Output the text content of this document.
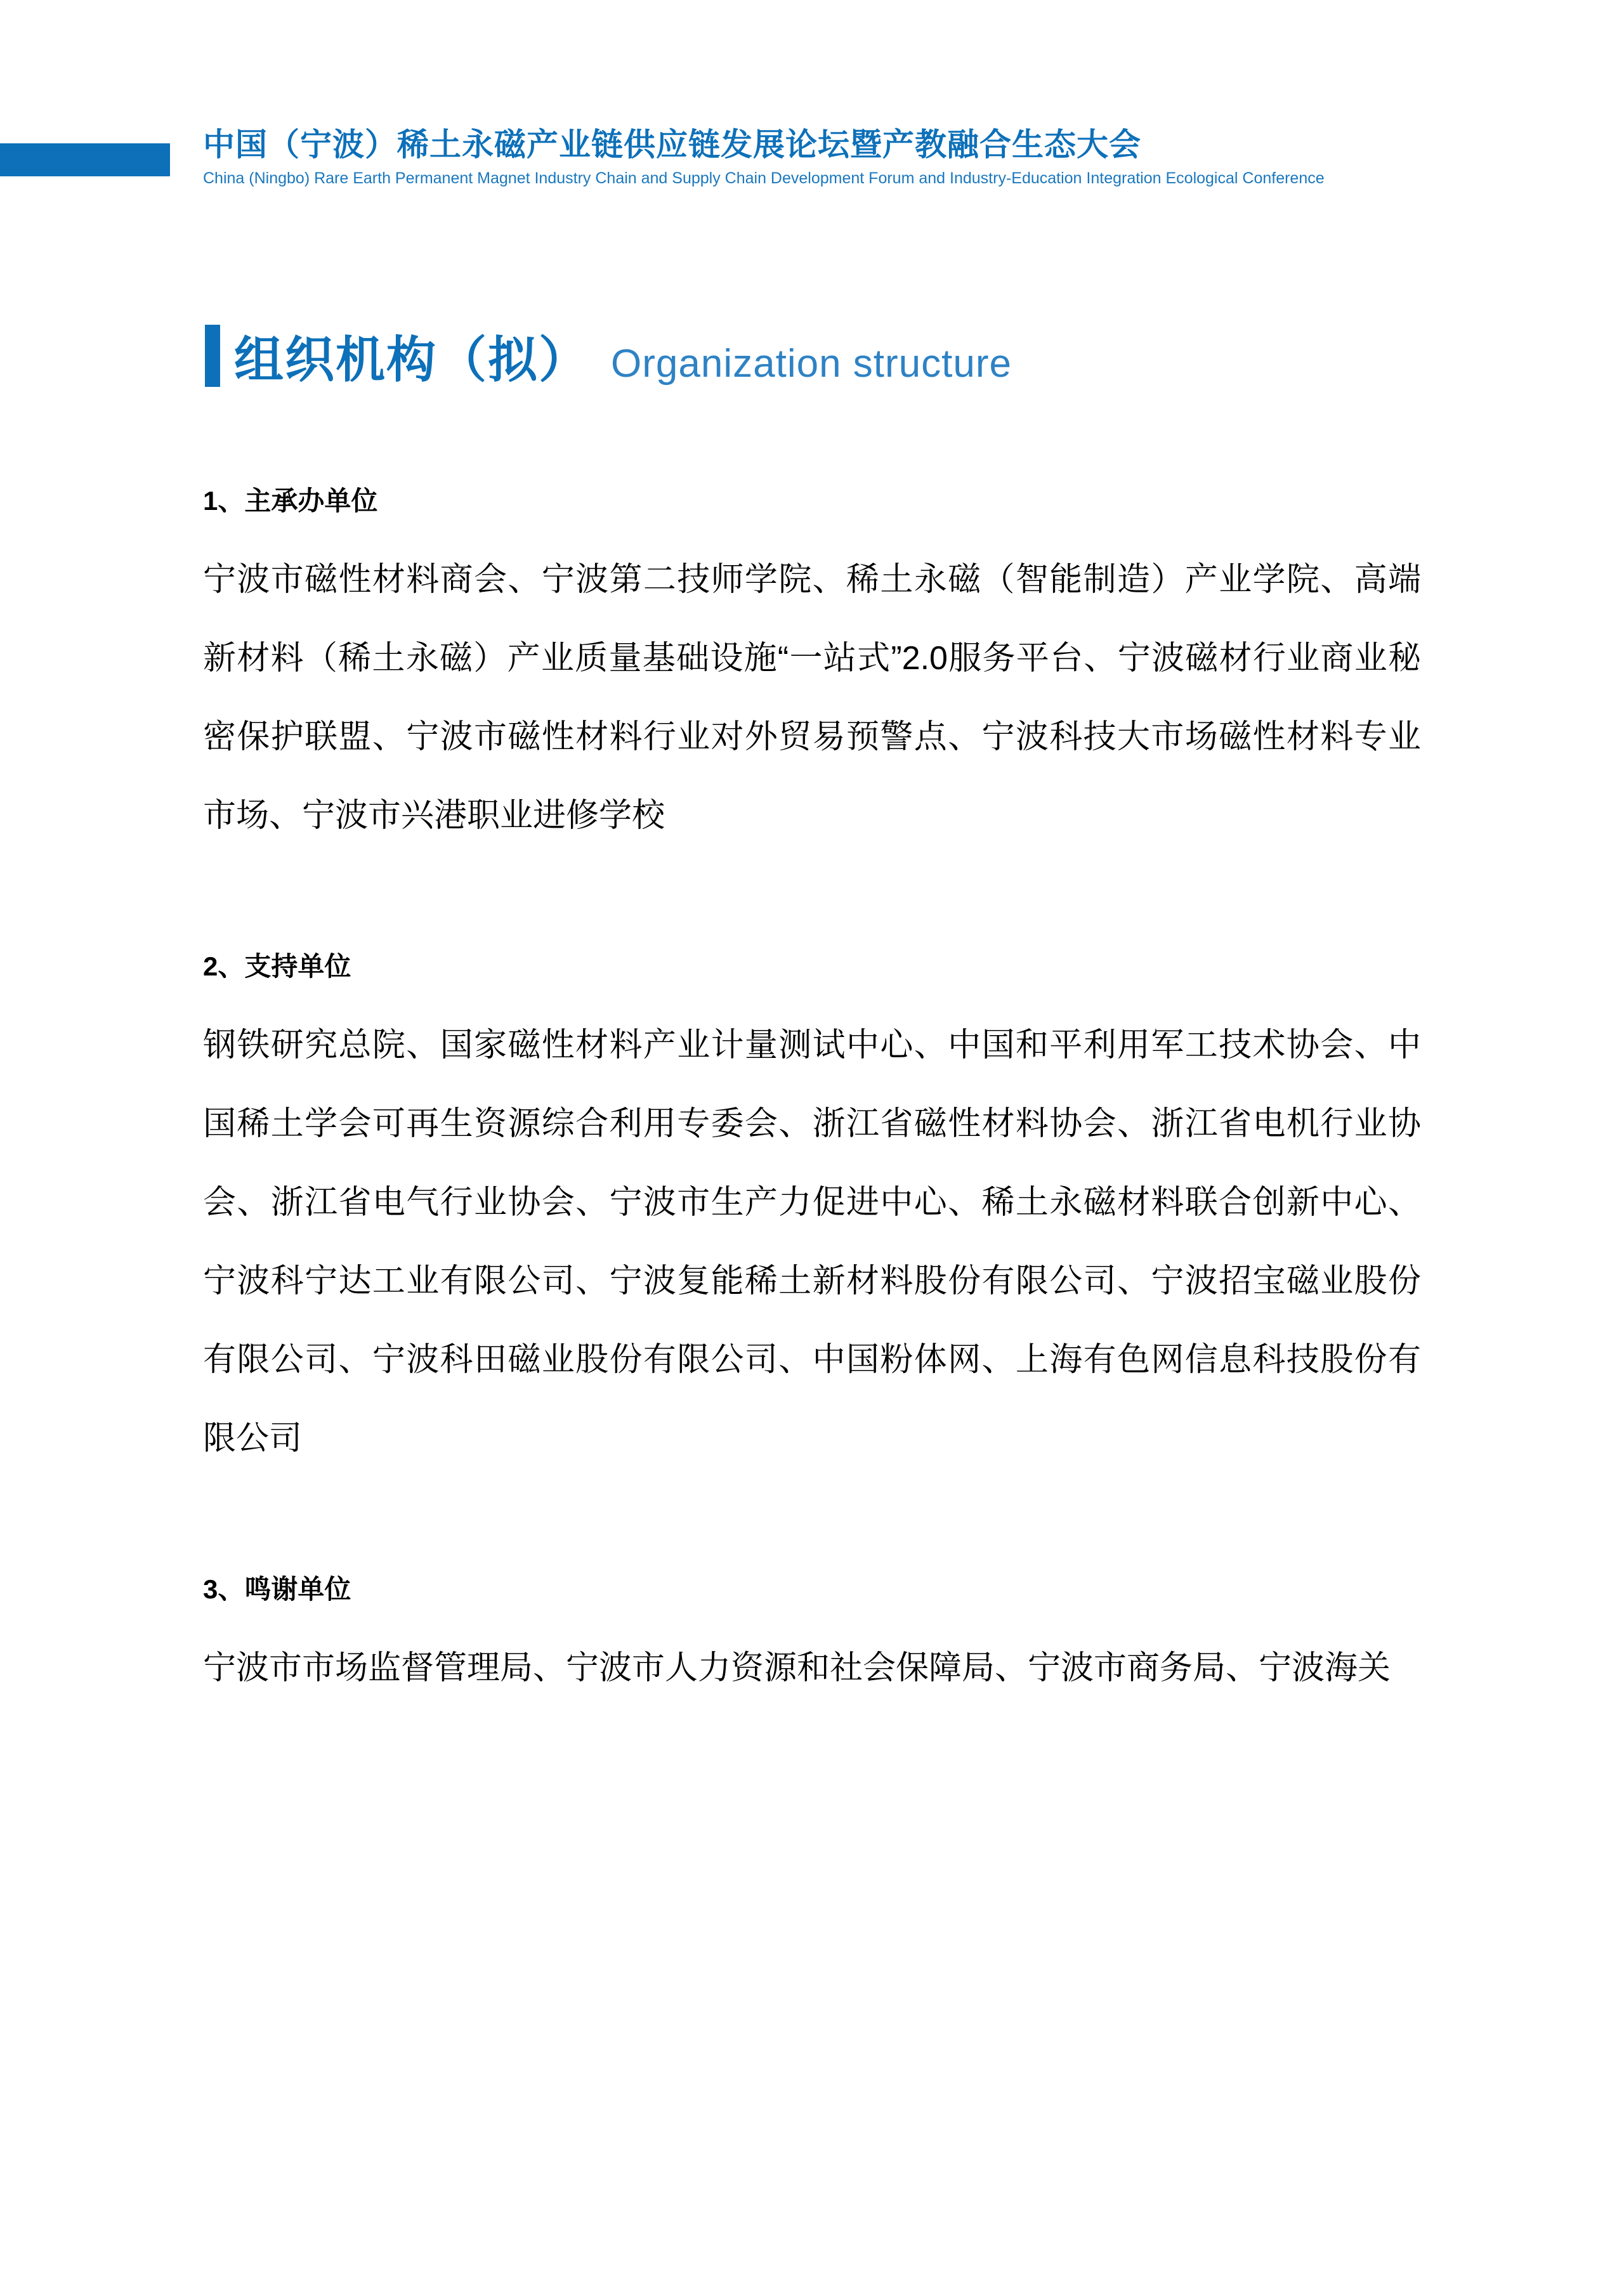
中国（宁波）稀土永磁产业链供应链发展论坛暨产教融合生态大会

China (Ningbo) Rare Earth Permanent Magnet Industry Chain and Supply Chain Development Forum and Industry-Education Integration Ecological Conference

组织机构（拟） Organization structure
1、主承办单位

宁波市磁性材料商会、宁波第二技师学院、稀土永磁（智能制造）产业学院、高端新材料（稀土永磁）产业质量基础设施“一站式”2.0服务平台、宁波磁材行业商业秘密保护联盟、宁波市磁性材料行业对外贸易预警点、宁波科技大市场磁性材料专业市场、宁波市兴港职业进修学校

2、支持单位

钢铁研究总院、国家磁性材料产业计量测试中心、中国和平利用军工技术协会、中国稀土学会可再生资源综合利用专委会、浙江省磁性材料协会、浙江省电机行业协会、浙江省电气行业协会、宁波市生产力促进中心、稀土永磁材料联合创新中心、宁波科宁达工业有限公司、宁波复能稀土新材料股份有限公司、宁波招宝磁业股份有限公司、宁波科田磁业股份有限公司、中国粉体网、上海有色网信息科技股份有限公司

3、鸣谢单位

宁波市市场监督管理局、宁波市人力资源和社会保障局、宁波市商务局、宁波海关
